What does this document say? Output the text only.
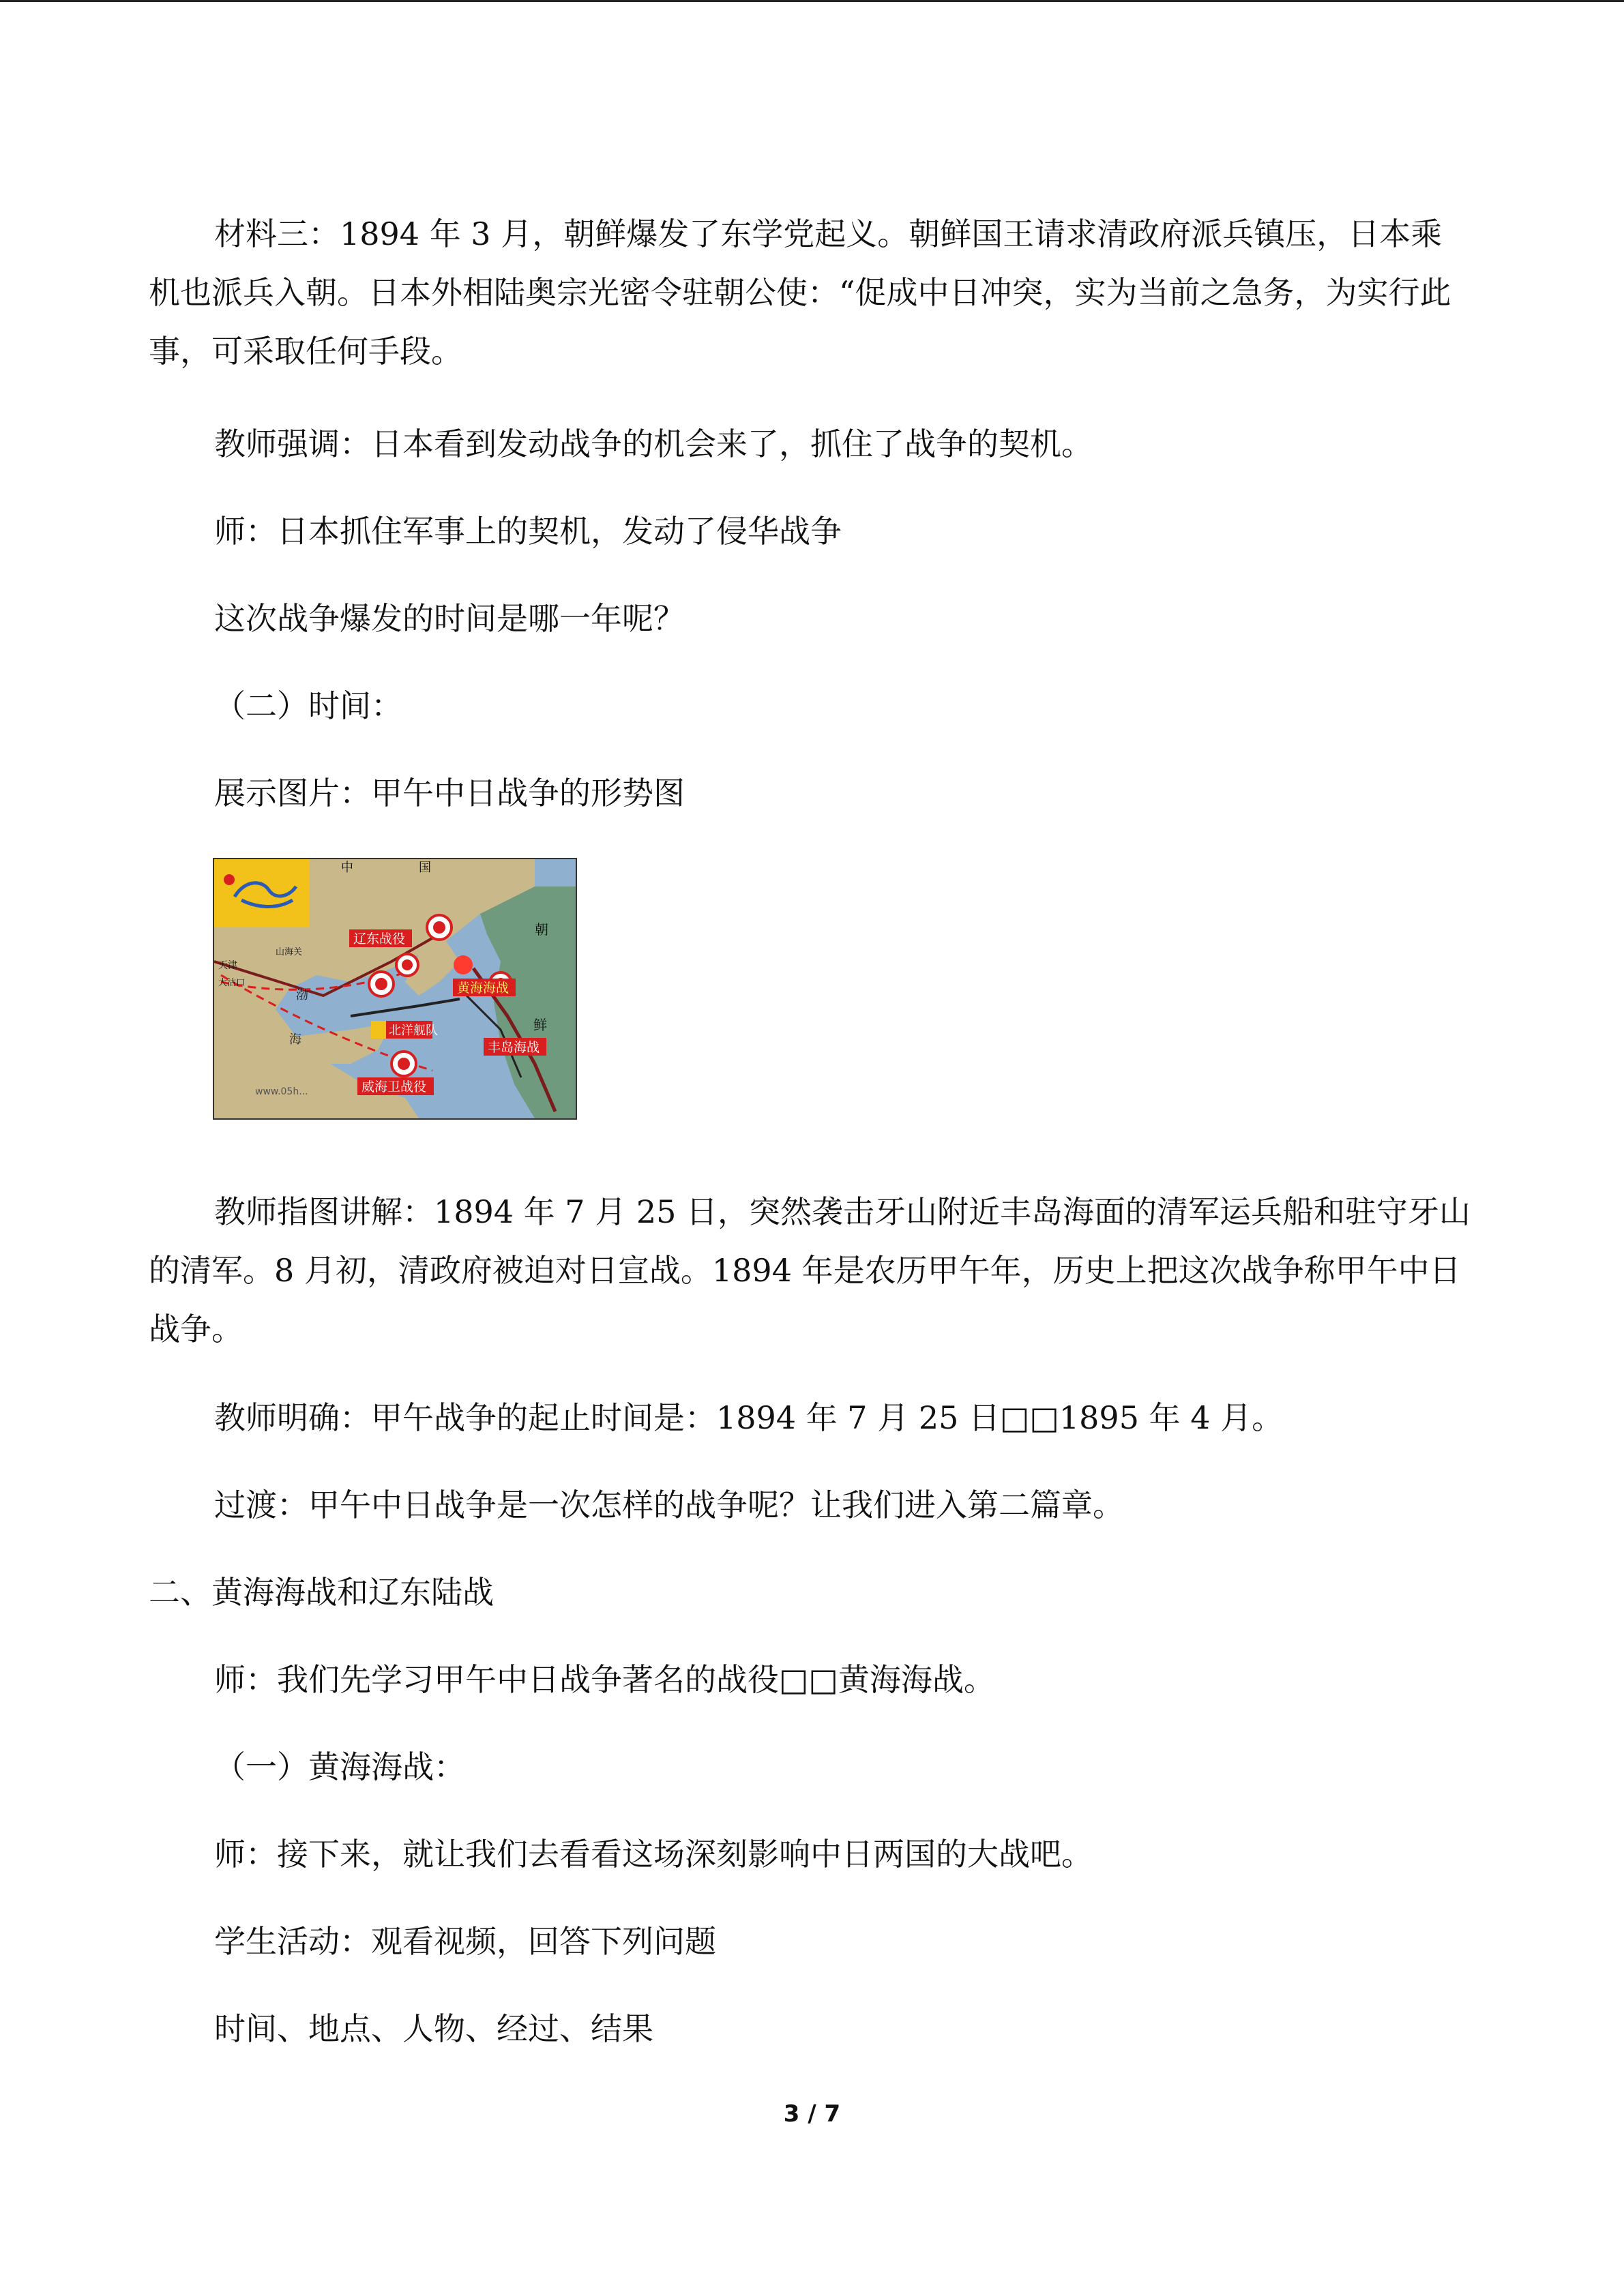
材料三：1894 年 3 月，朝鲜爆发了东学党起义。朝鲜国王请求清政府派兵镇压，日本乘机也派兵入朝。日本外相陆奥宗光密令驻朝公使：“促成中日冲突，实为当前之急务，为实行此事，可采取任何手段。

教师强调：日本看到发动战争的机会来了，抓住了战争的契机。

师：日本抓住军事上的契机，发动了侵华战争

这次战争爆发的时间是哪一年呢？

（二）时间：

展示图片：甲午中日战争的形势图

辽东战役
黄海海战
北洋舰队
丰岛海战
威海卫战役
中	国
朝
鲜
天津
大沽口
山海关
渤
海
www.05h...

教师指图讲解：1894 年 7 月 25 日，突然袭击牙山附近丰岛海面的清军运兵船和驻守牙山的清军。8 月初，清政府被迫对日宣战。1894 年是农历甲午年，历史上把这次战争称甲午中日战争。

教师明确：甲午战争的起止时间是：1894 年 7 月 25 日□□1895 年 4 月。

过渡：甲午中日战争是一次怎样的战争呢？让我们进入第二篇章。

二、黄海海战和辽东陆战

师：我们先学习甲午中日战争著名的战役□□黄海海战。

（一）黄海海战：

师：接下来，就让我们去看看这场深刻影响中日两国的大战吧。

学生活动：观看视频，回答下列问题

时间、地点、人物、经过、结果

3 / 7
